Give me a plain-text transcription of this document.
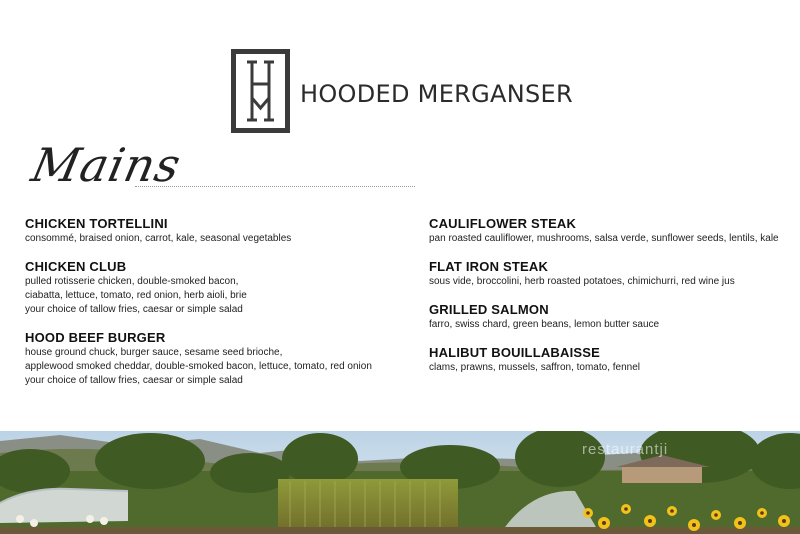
HOODED MERGANSER
Mains
CHICKEN TORTELLINI
consommé, braised onion, carrot, kale, seasonal vegetables
CHICKEN CLUB
pulled rotisserie chicken, double-smoked bacon,
ciabatta, lettuce, tomato, red onion, herb aioli, brie
your choice of tallow fries, caesar or simple salad
HOOD BEEF BURGER
house ground chuck, burger sauce, sesame seed brioche,
applewood smoked cheddar, double-smoked bacon, lettuce, tomato, red onion
your choice of tallow fries, caesar or simple salad
CAULIFLOWER STEAK
pan roasted cauliflower, mushrooms, salsa verde, sunflower seeds, lentils, kale
FLAT IRON STEAK
sous vide, broccolini, herb roasted potatoes, chimichurri, red wine jus
GRILLED SALMON
farro, swiss chard, green beans, lemon butter sauce
HALIBUT BOUILLABAISSE
clams, prawns, mussels, saffron, tomato, fennel
restaurantji
